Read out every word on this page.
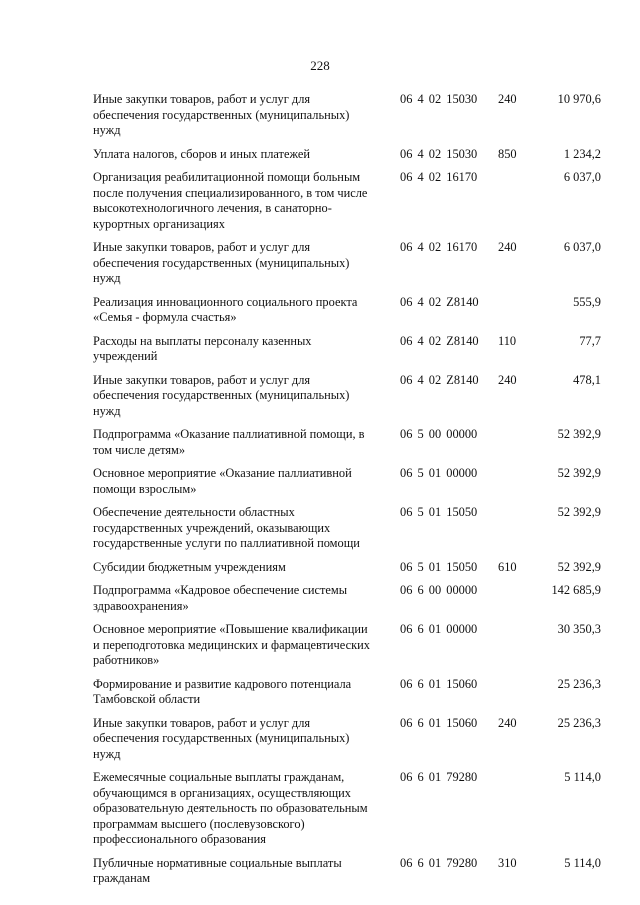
228
Иные закупки товаров, работ и услуг для обеспечения государственных (муниципальных) нужд
06 4 02 15030 240	10 970,6
Уплата налогов, сборов и иных платежей	06 4 02 15030 850	1 234,2
Организация реабилитационной помощи больным после получения специализированного, в том числе высокотехнологичного лечения, в санаторно-курортных организациях
06 4 02 16170	6 037,0
Иные закупки товаров, работ и услуг для обеспечения государственных (муниципальных) нужд
06 4 02 16170 240	6 037,0
Реализация инновационного социального проекта «Семья - формула счастья»
06 4 02 Z8140	555,9
Расходы на выплаты персоналу казенных учреждений
06 4 02 Z8140 110	77,7
Иные закупки товаров, работ и услуг для обеспечения государственных (муниципальных) нужд
06 4 02 Z8140 240	478,1
Подпрограмма «Оказание паллиативной помощи, в том числе детям»
06 5 00 00000	52 392,9
Основное мероприятие «Оказание паллиативной помощи взрослым»
06 5 01 00000	52 392,9
Обеспечение деятельности областных государственных учреждений, оказывающих государственные услуги по паллиативной помощи
06 5 01 15050	52 392,9
Субсидии бюджетным учреждениям	06 5 01 15050 610	52 392,9
Подпрограмма «Кадровое обеспечение системы здравоохранения»
06 6 00 00000	142 685,9
Основное мероприятие «Повышение квалификации и переподготовка медицинских и фармацевтических работников»
06 6 01 00000	30 350,3
Формирование и развитие кадрового потенциала Тамбовской области
06 6 01 15060	25 236,3
Иные закупки товаров, работ и услуг для обеспечения государственных (муниципальных) нужд
06 6 01 15060 240	25 236,3
Ежемесячные социальные выплаты гражданам, обучающимся в организациях, осуществляющих образовательную деятельность по образовательным программам высшего (послевузовского) профессионального образования
06 6 01 79280	5 114,0
Публичные нормативные социальные выплаты гражданам
06 6 01 79280 310	5 114,0
